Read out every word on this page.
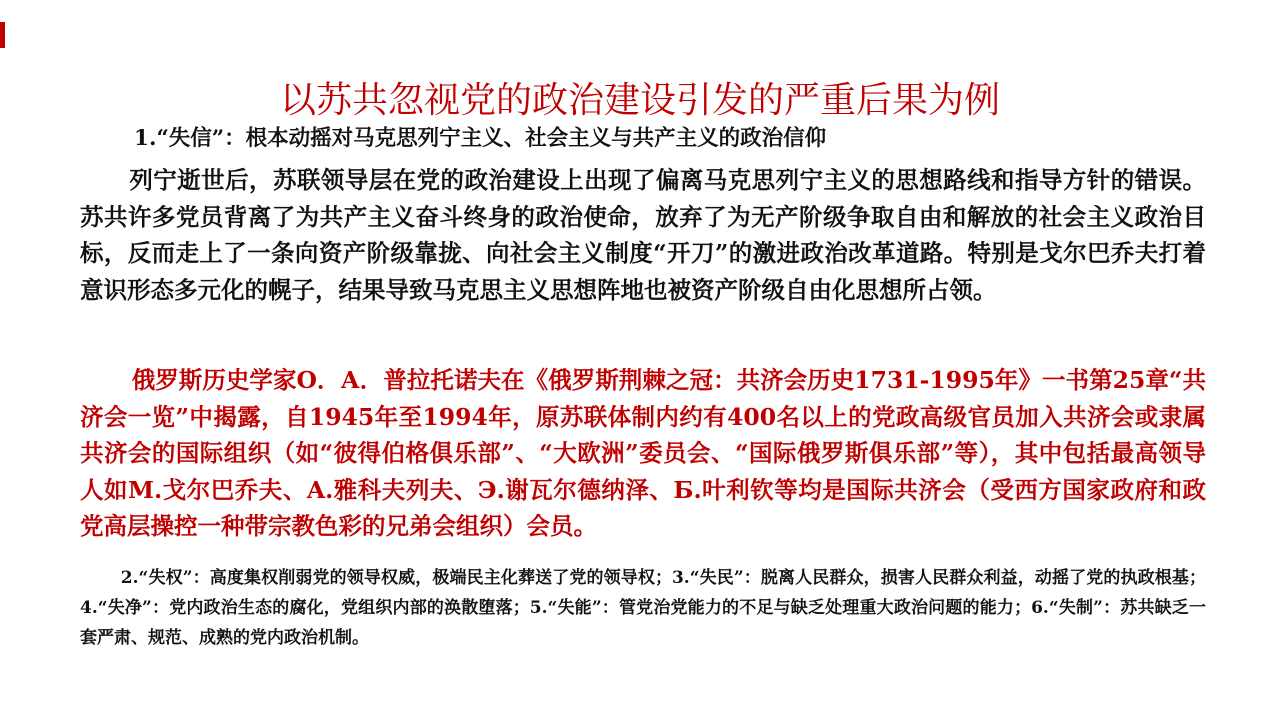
以苏共忽视党的政治建设引发的严重后果为例
1.“失信”：根本动摇对马克思列宁主义、社会主义与共产主义的政治信仰
列宁逝世后，苏联领导层在党的政治建设上出现了偏离马克思列宁主义的思想路线和指导方针的错误。苏共许多党员背离了为共产主义奋斗终身的政治使命，放弃了为无产阶级争取自由和解放的社会主义政治目标，反而走上了一条向资产阶级靠拢、向社会主义制度“开刀”的激进政治改革道路。特别是戈尔巴乔夫打着意识形态多元化的幌子，结果导致马克思主义思想阵地也被资产阶级自由化思想所占领。
俄罗斯历史学家О．А．普拉托诺夫在《俄罗斯荆棘之冠：共济会历史1731-1995年》一书第25章“共济会一览”中揭露，自1945年至1994年，原苏联体制内约有400名以上的党政高级官员加入共济会或隶属共济会的国际组织（如“彼得伯格俱乐部”、“大欧洲”委员会、“国际俄罗斯俱乐部”等），其中包括最高领导人如M.戈尔巴乔夫、A.雅科夫列夫、Э.谢瓦尔德纳泽、Б.叶利钦等均是国际共济会（受西方国家政府和政党高层操控一种带宗教色彩的兄弟会组织）会员。
2.“失权”：高度集权削弱党的领导权威，极端民主化葬送了党的领导权；3.“失民”：脱离人民群众，损害人民群众利益，动摇了党的执政根基；4.“失净”：党内政治生态的腐化，党组织内部的涣散堕落；5.“失能”：管党治党能力的不足与缺乏处理重大政治问题的能力；6.“失制”：苏共缺乏一套严肃、规范、成熟的党内政治机制。
